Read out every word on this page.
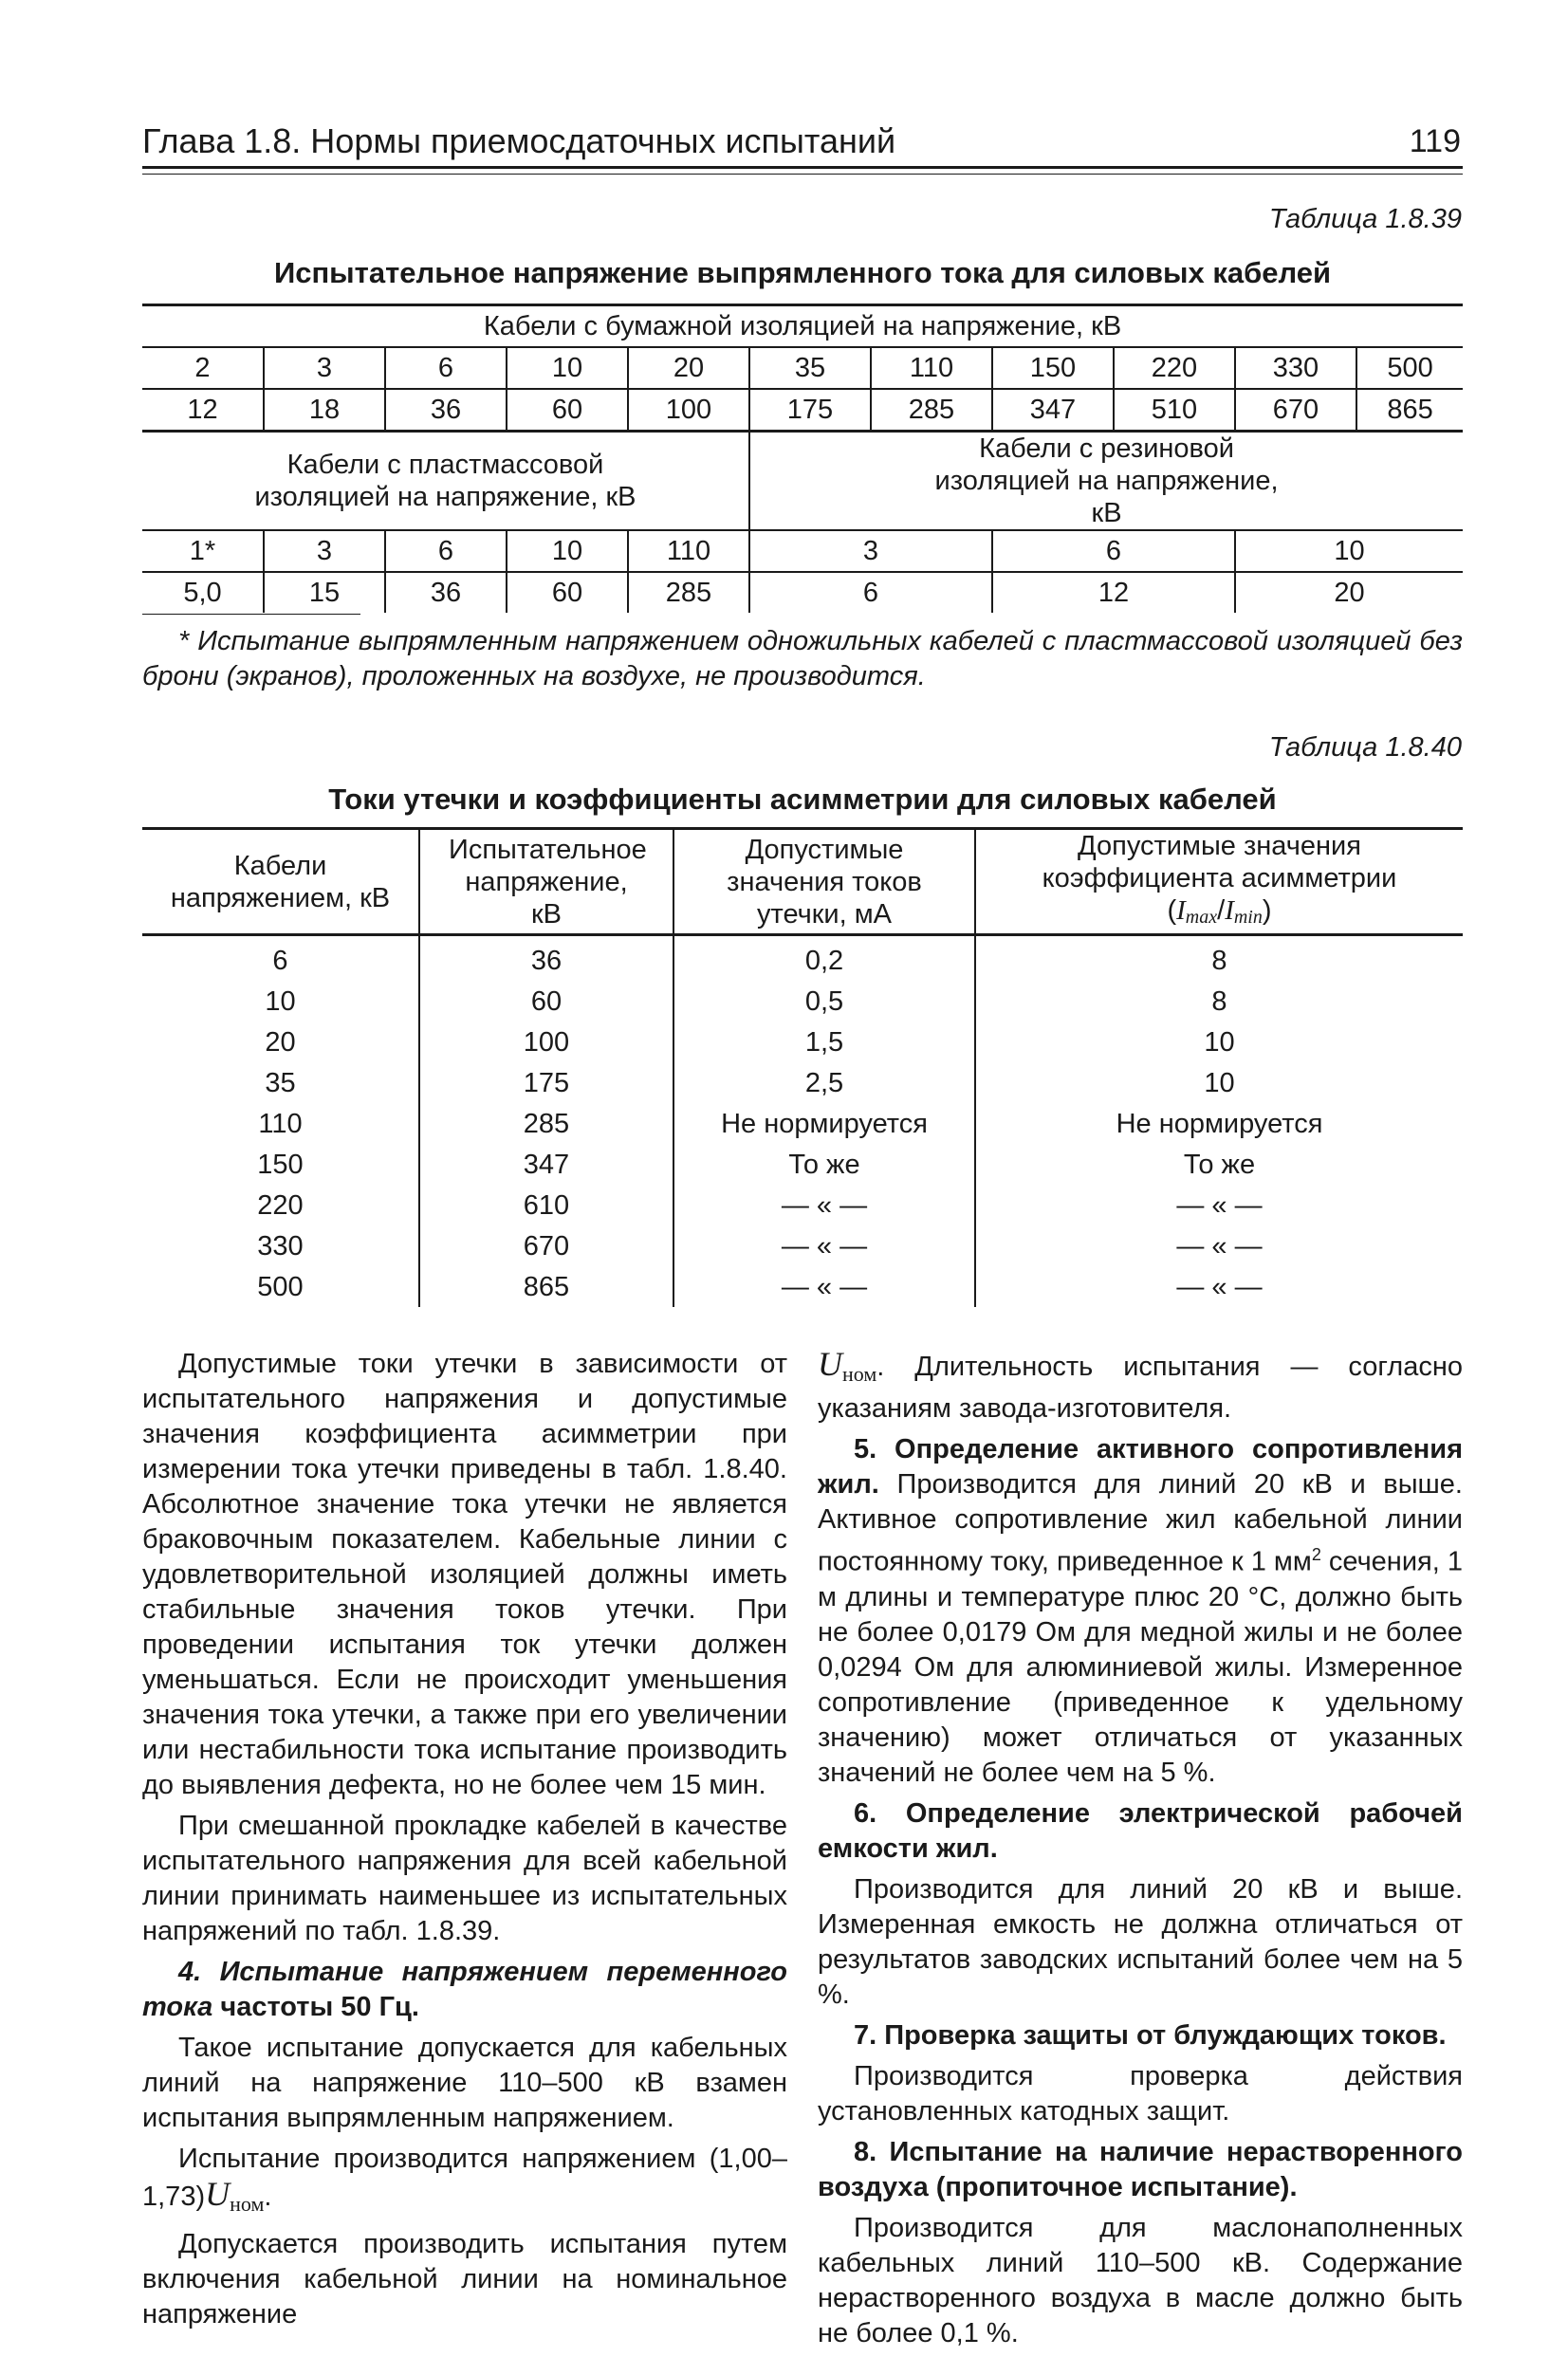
Глава 1.8. Нормы приемосдаточных испытаний	119
Таблица 1.8.39
Испытательное напряжение выпрямленного тока для силовых кабелей
Кабели с бумажной изоляцией на напряжение, кВ										
2	3	6	10	20	35	110	150	220	330	500
12	18	36	60	100	175	285	347	510	670	865
Кабели с пластмассовой изоляцией на напряжение, кВ					Кабели с резиновой изоляцией на напряжение, кВ					
1*	3	6	10	110	3		6		10	
5,0	15	36	60	285	6		12		20	
* Испытание выпрямленным напряжением одножильных кабелей с пластмассовой изоляцией без брони (экранов), проложенных на воздухе, не производится.
Таблица 1.8.40
Токи утечки и коэффициенты асимметрии для силовых кабелей
Кабели напряжением, кВ	Испытательное напряжение, кВ	Допустимые значения токов утечки, мА	Допустимые значения коэффициента асимметрии $(I_{max}/I_{min})$
6	36	0,2	8
10	60	0,5	8
20	100	1,5	10
35	175	2,5	10
110	285	Не нормируется	Не нормируется
150	347	То же	То же
220	610	— « —	— « —
330	670	— « —	— « —
500	865	— « —	— « —

Допустимые токи утечки в зависимости от испытательного напряжения и допустимые значения коэффициента асимметрии при измерении тока утечки приведены в табл. 1.8.40. Абсолютное значение тока утечки не является браковочным показателем. Кабельные линии с удовлетворительной изоляцией должны иметь стабильные значения токов утечки. При проведении испытания ток утечки должен уменьшаться. Если не происходит уменьшения значения тока утечки, а также при его увеличении или нестабильности тока испытание производить до выявления дефекта, но не более чем 15 мин.

При смешанной прокладке кабелей в качестве испытательного напряжения для всей кабельной линии принимать наименьшее из испытательных напряжений по табл. 1.8.39.

4. Испытание напряжением переменного тока частоты 50 Гц.

Такое испытание допускается для кабельных линий на напряжение 110–500 кВ взамен испытания выпрямленным напряжением.

Испытание производится напряжением $(1,00-1,73)U_{ном}$.

Допускается производить испытания путем включения кабельной линии на номинальное напряжение

$U_{ном}$. Длительность испытания — согласно указаниям завода-изготовителя.

5. Определение активного сопротивления жил. Производится для линий 20 кВ и выше. Активное сопротивление жил кабельной линии постоянному току, приведенное к 1 $мм^2$ сечения, 1 м длины и температуре плюс 20 °С, должно быть не более 0,0179 Ом для медной жилы и не более 0,0294 Ом для алюминиевой жилы. Измеренное сопротивление (приведенное к удельному значению) может отличаться от указанных значений не более чем на 5 %.

6. Определение электрической рабочей емкости жил.

Производится для линий 20 кВ и выше. Измеренная емкость не должна отличаться от результатов заводских испытаний более чем на 5 %.

7. Проверка защиты от блуждающих токов.

Производится проверка действия установленных катодных защит.

8. Испытание на наличие нерастворенного воздуха (пропиточное испытание).

Производится для маслонаполненных кабельных линий 110–500 кВ. Содержание нерастворенного воздуха в масле должно быть не более 0,1 %.
